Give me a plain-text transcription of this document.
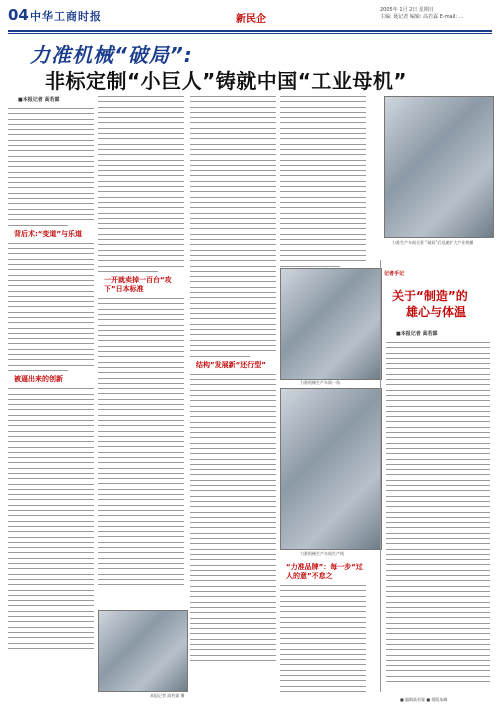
04 中华工商时报	新民企
2005年 1月 2日 星期日
主编: 聂记者 编辑: 高若霖 E-mail: ...
力准机械“破局”:
非标定制“小巨人”铸就中国“工业母机”
■本报记者 高若霖
背后术:“变道”与乐道
被逼出来的创新
一开就卖掉一百台“攻下”日本标准
本报记者 高若霖 摄
结构”发展新“还行型”
力准机械生产车间一角
力准机械生产车间生产线
“力准品牌”：每一步“过人的意”不怠之
力准生产车间全景 “破局”后迅速扩大产业规模
记者手记
关于“制造”的
雄心与体温
■本报记者 高若霖
■ 编辑高若霖 ■ 排版朱峰
